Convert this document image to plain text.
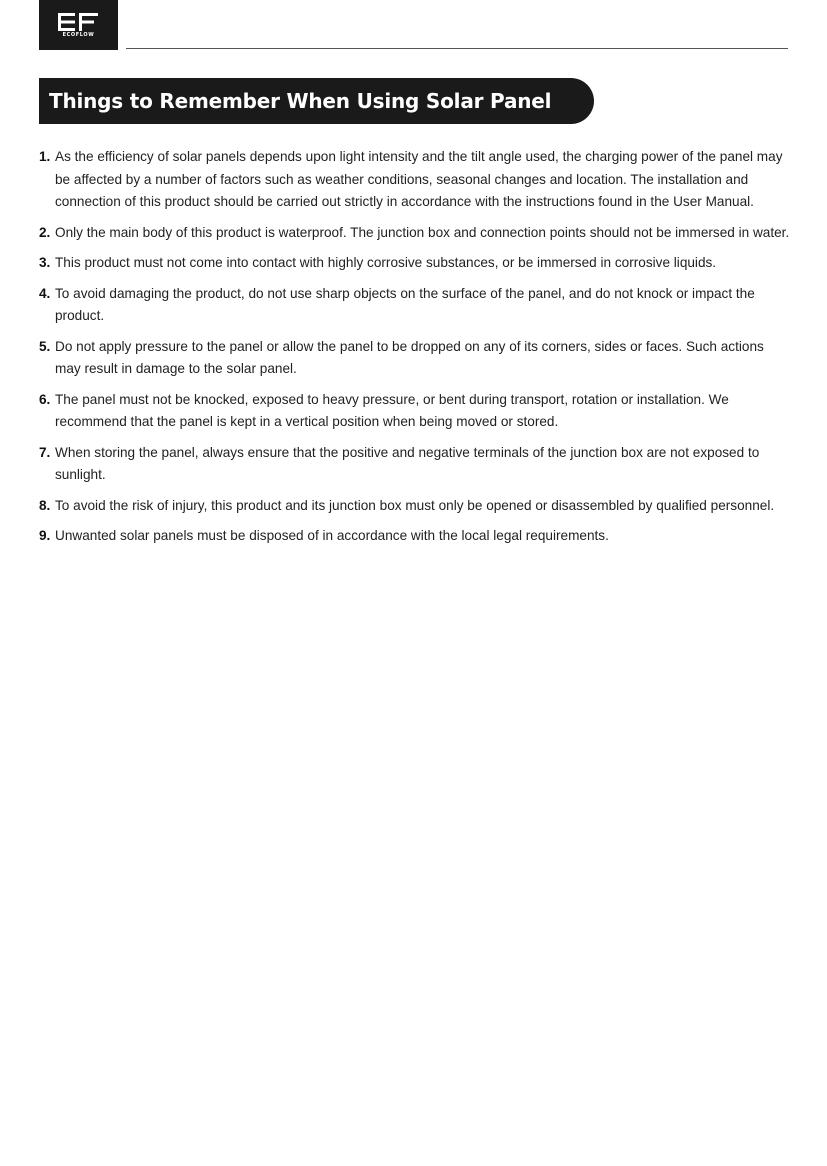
ECOFLOW
Things to Remember When Using Solar Panel
1. As the efficiency of solar panels depends upon light intensity and the tilt angle used, the charging power of the panel may be affected by a number of factors such as weather conditions, seasonal changes and location. The installation and connection of this product should be carried out strictly in accordance with the instructions found in the User Manual.
2. Only the main body of this product is waterproof. The junction box and connection points should not be immersed in water.
3. This product must not come into contact with highly corrosive substances, or be immersed in corrosive liquids.
4. To avoid damaging the product, do not use sharp objects on the surface of the panel, and do not knock or impact the product.
5. Do not apply pressure to the panel or allow the panel to be dropped on any of its corners, sides or faces. Such actions may result in damage to the solar panel.
6. The panel must not be knocked, exposed to heavy pressure, or bent during transport, rotation or installation. We recommend that the panel is kept in a vertical position when being moved or stored.
7. When storing the panel, always ensure that the positive and negative terminals of the junction box are not exposed to sunlight.
8. To avoid the risk of injury, this product and its junction box must only be opened or disassembled by qualified personnel.
9. Unwanted solar panels must be disposed of in accordance with the local legal requirements.
